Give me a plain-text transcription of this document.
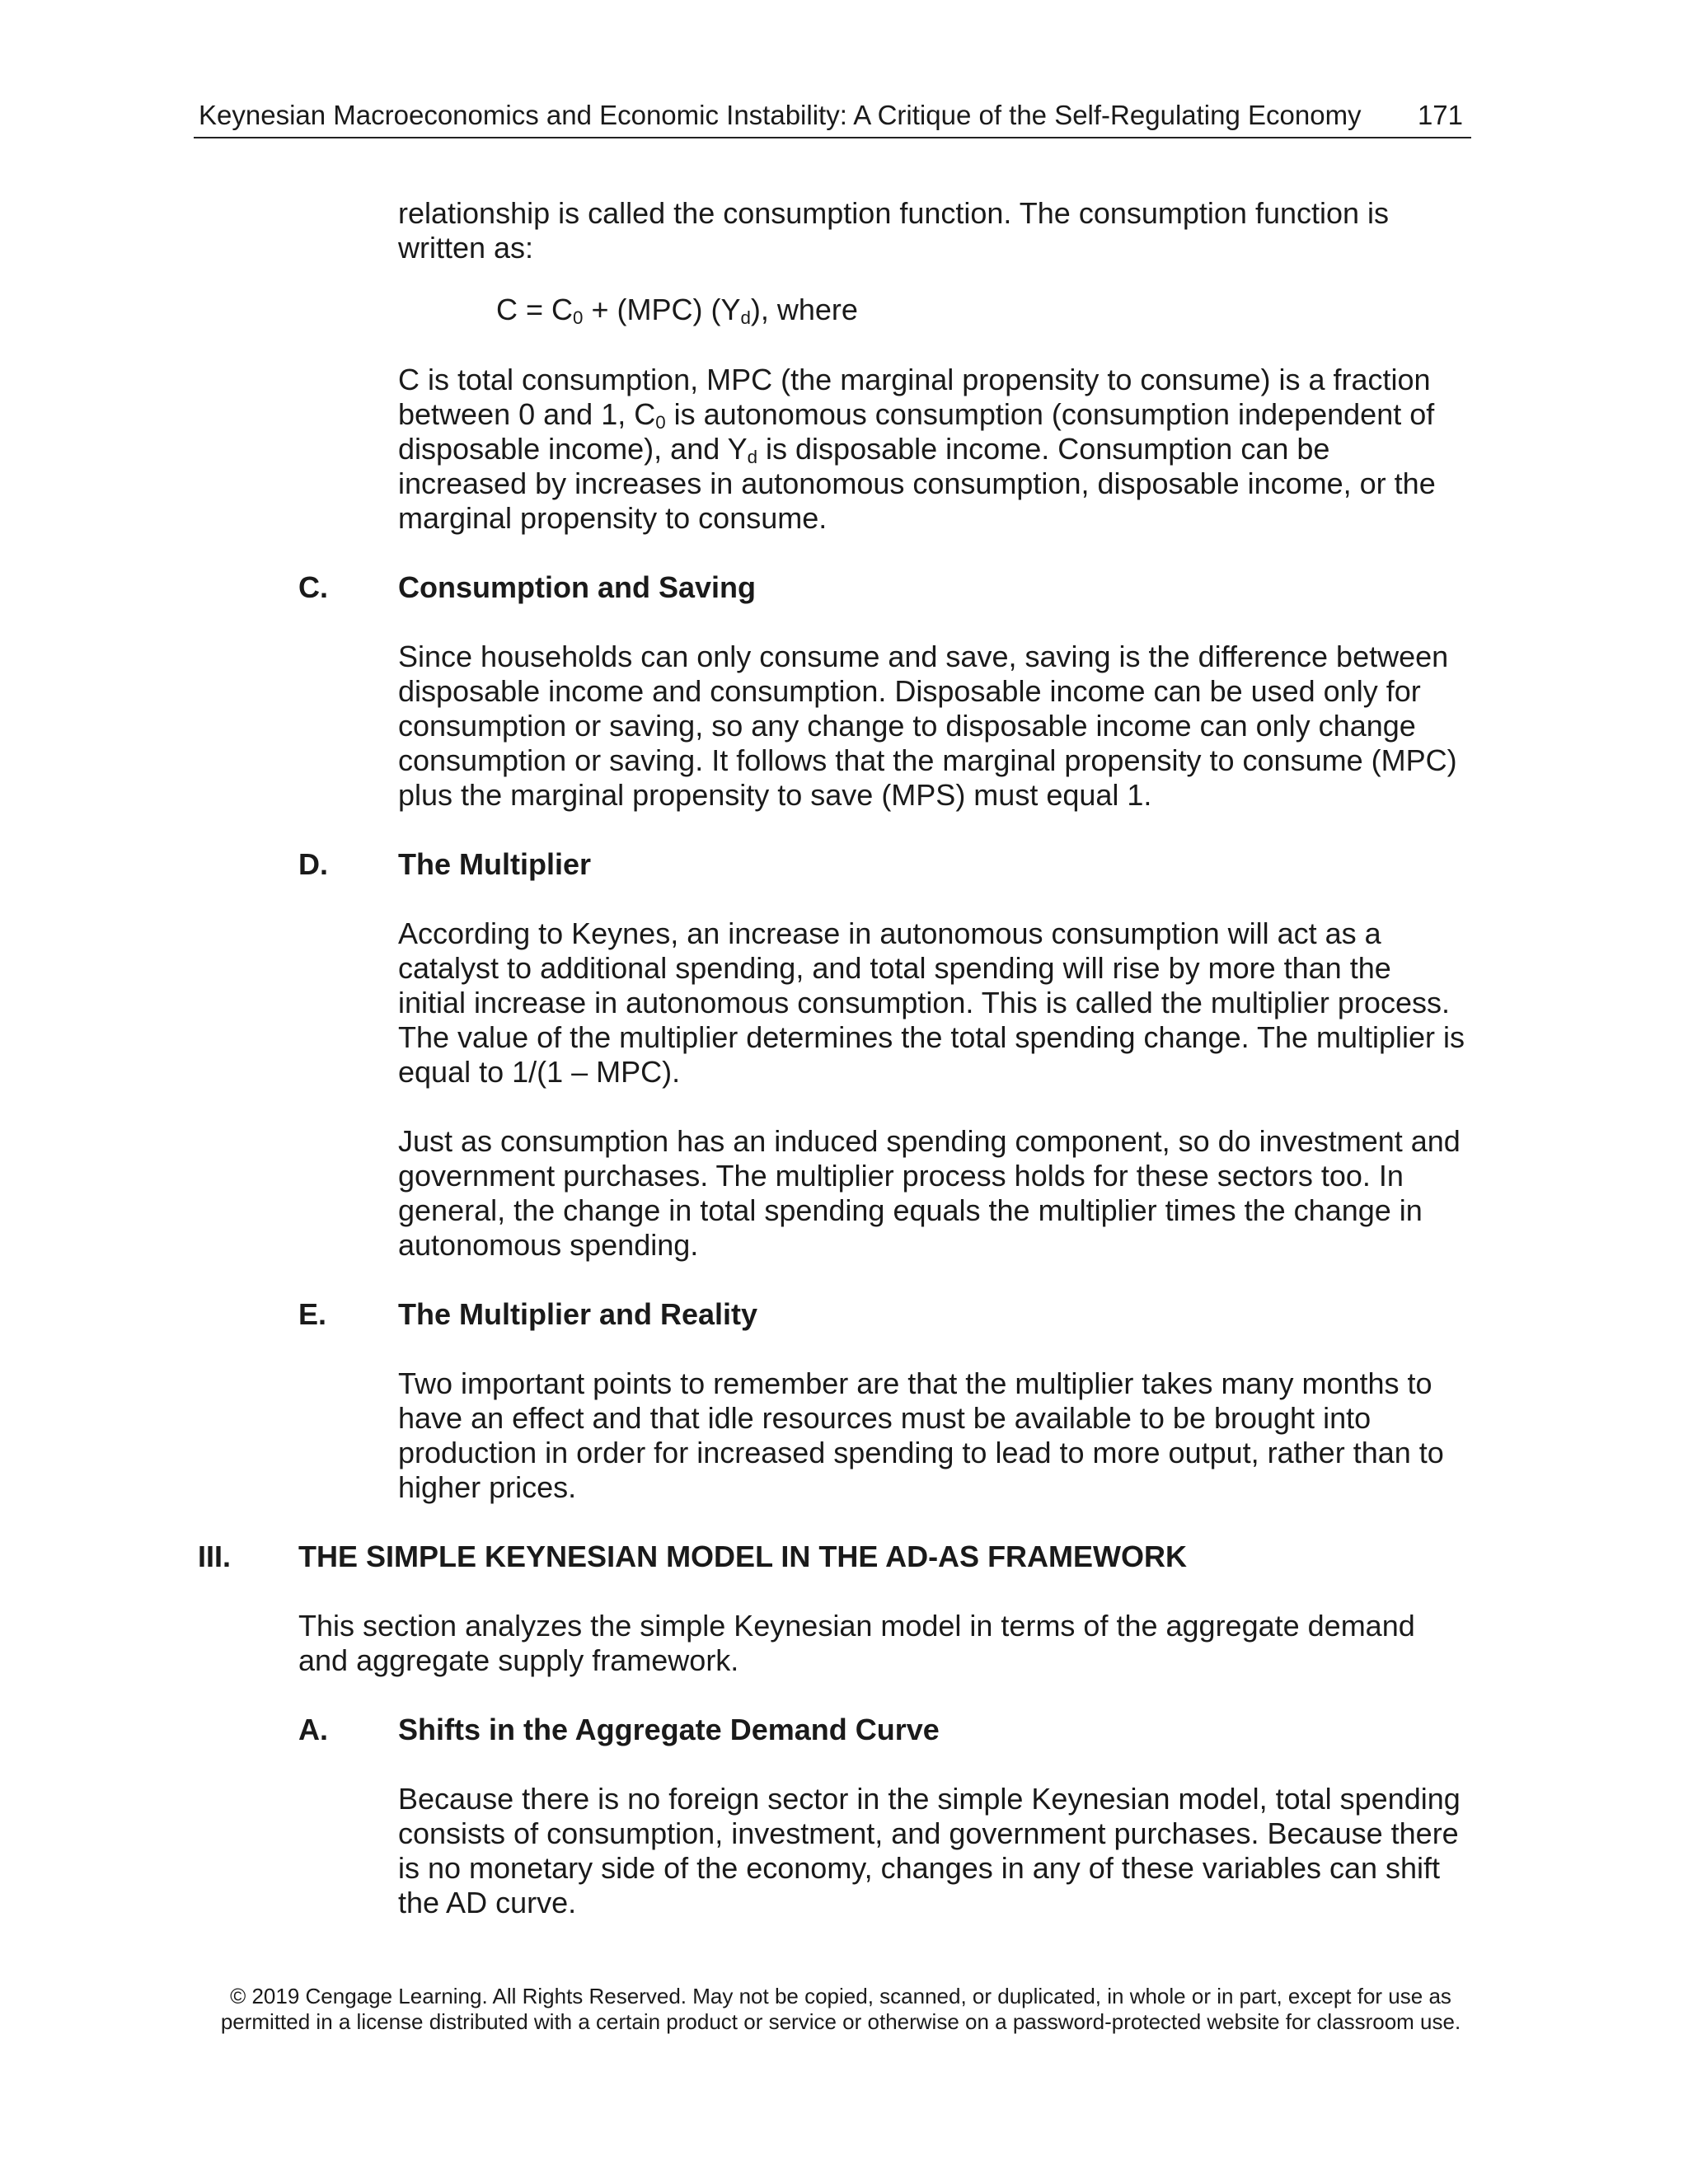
Keynesian Macroeconomics and Economic Instability: A Critique of the Self-Regulating Economy 171

relationship is called the consumption function. The consumption function is
written as:

$C = C_0 + (MPC)$ $(Y_d)$, where

C is total consumption, MPC (the marginal propensity to consume) is a fraction
between 0 and 1, $C_0$ is autonomous consumption (consumption independent of
disposable income), and $Y_d$ is disposable income. Consumption can be
increased by increases in autonomous consumption, disposable income, or the
marginal propensity to consume.

C. Consumption and Saving

Since households can only consume and save, saving is the difference between
disposable income and consumption. Disposable income can be used only for
consumption or saving, so any change to disposable income can only change
consumption or saving. It follows that the marginal propensity to consume (MPC)
plus the marginal propensity to save (MPS) must equal 1.

D. The Multiplier

According to Keynes, an increase in autonomous consumption will act as a
catalyst to additional spending, and total spending will rise by more than the
initial increase in autonomous consumption. This is called the multiplier process.
The value of the multiplier determines the total spending change. The multiplier is
equal to 1/(1 – MPC).

Just as consumption has an induced spending component, so do investment and
government purchases. The multiplier process holds for these sectors too. In
general, the change in total spending equals the multiplier times the change in
autonomous spending.

E. The Multiplier and Reality

Two important points to remember are that the multiplier takes many months to
have an effect and that idle resources must be available to be brought into
production in order for increased spending to lead to more output, rather than to
higher prices.

III. THE SIMPLE KEYNESIAN MODEL IN THE AD-AS FRAMEWORK

This section analyzes the simple Keynesian model in terms of the aggregate demand
and aggregate supply framework.

A. Shifts in the Aggregate Demand Curve

Because there is no foreign sector in the simple Keynesian model, total spending
consists of consumption, investment, and government purchases. Because there
is no monetary side of the economy, changes in any of these variables can shift
the AD curve.

© 2019 Cengage Learning. All Rights Reserved. May not be copied, scanned, or duplicated, in whole or in part, except for use as
permitted in a license distributed with a certain product or service or otherwise on a password-protected website for classroom use.
